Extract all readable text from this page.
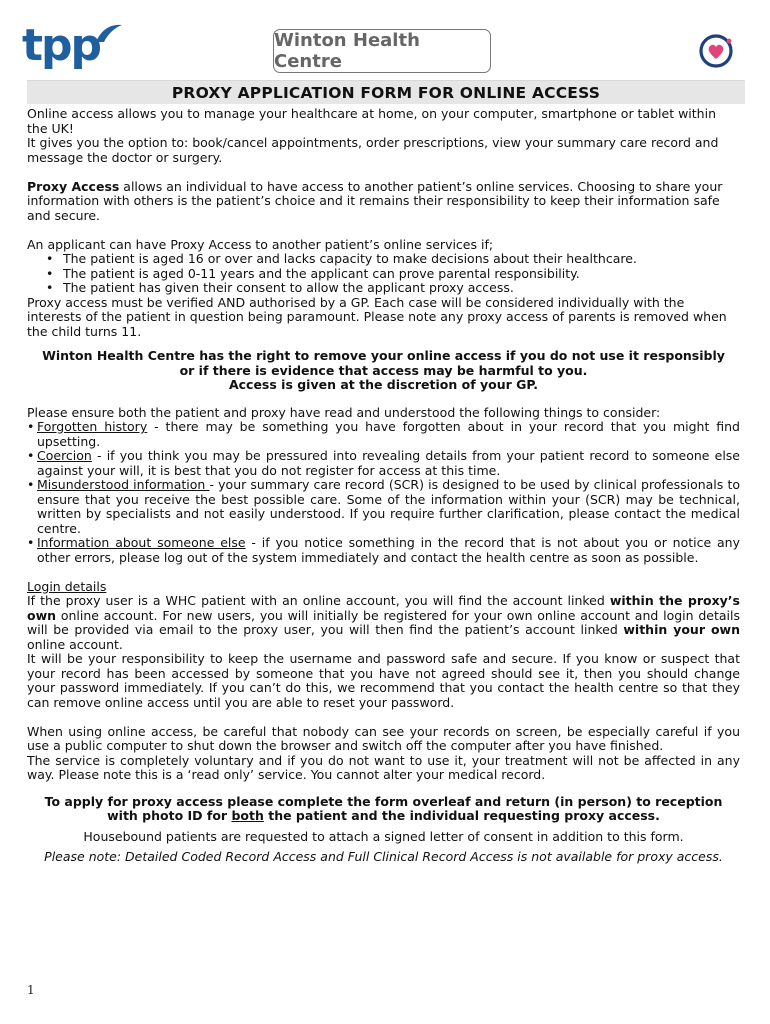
tpp	Winton Health Centre
PROXY APPLICATION FORM FOR ONLINE ACCESS

Online access allows you to manage your healthcare at home, on your computer, smartphone or tablet within the UK!

It gives you the option to: book/cancel appointments, order prescriptions, view your summary care record and message the doctor or surgery.

Proxy Access allows an individual to have access to another patient’s online services. Choosing to share your information with others is the patient’s choice and it remains their responsibility to keep their information safe and secure.

An applicant can have Proxy Access to another patient’s online services if;

• The patient is aged 16 or over and lacks capacity to make decisions about their healthcare.
• The patient is aged 0-11 years and the applicant can prove parental responsibility.
• The patient has given their consent to allow the applicant proxy access.

Proxy access must be verified AND authorised by a GP. Each case will be considered individually with the interests of the patient in question being paramount. Please note any proxy access of parents is removed when the child turns 11.

Winton Health Centre has the right to remove your online access if you do not use it responsibly or if there is evidence that access may be harmful to you.

Access is given at the discretion of your GP.

Please ensure both the patient and proxy have read and understood the following things to consider:

• Forgotten history - there may be something you have forgotten about in your record that you might find upsetting.
• Coercion - if you think you may be pressured into revealing details from your patient record to someone else against your will, it is best that you do not register for access at this time.
• Misunderstood information - your summary care record (SCR) is designed to be used by clinical professionals to ensure that you receive the best possible care. Some of the information within your (SCR) may be technical, written by specialists and not easily understood. If you require further clarification, please contact the medical centre.
• Information about someone else - if you notice something in the record that is not about you or notice any other errors, please log out of the system immediately and contact the health centre as soon as possible.

Login details

If the proxy user is a WHC patient with an online account, you will find the account linked within the proxy’s own online account. For new users, you will initially be registered for your own online account and login details will be provided via email to the proxy user, you will then find the patient’s account linked within your own online account.

It will be your responsibility to keep the username and password safe and secure. If you know or suspect that your record has been accessed by someone that you have not agreed should see it, then you should change your password immediately. If you can’t do this, we recommend that you contact the health centre so that they can remove online access until you are able to reset your password.

When using online access, be careful that nobody can see your records on screen, be especially careful if you use a public computer to shut down the browser and switch off the computer after you have finished.

The service is completely voluntary and if you do not want to use it, your treatment will not be affected in any way. Please note this is a ‘read only’ service. You cannot alter your medical record.

To apply for proxy access please complete the form overleaf and return (in person) to reception with photo ID for both the patient and the individual requesting proxy access.

Housebound patients are requested to attach a signed letter of consent in addition to this form.

Please note: Detailed Coded Record Access and Full Clinical Record Access is not available for proxy access.

1
